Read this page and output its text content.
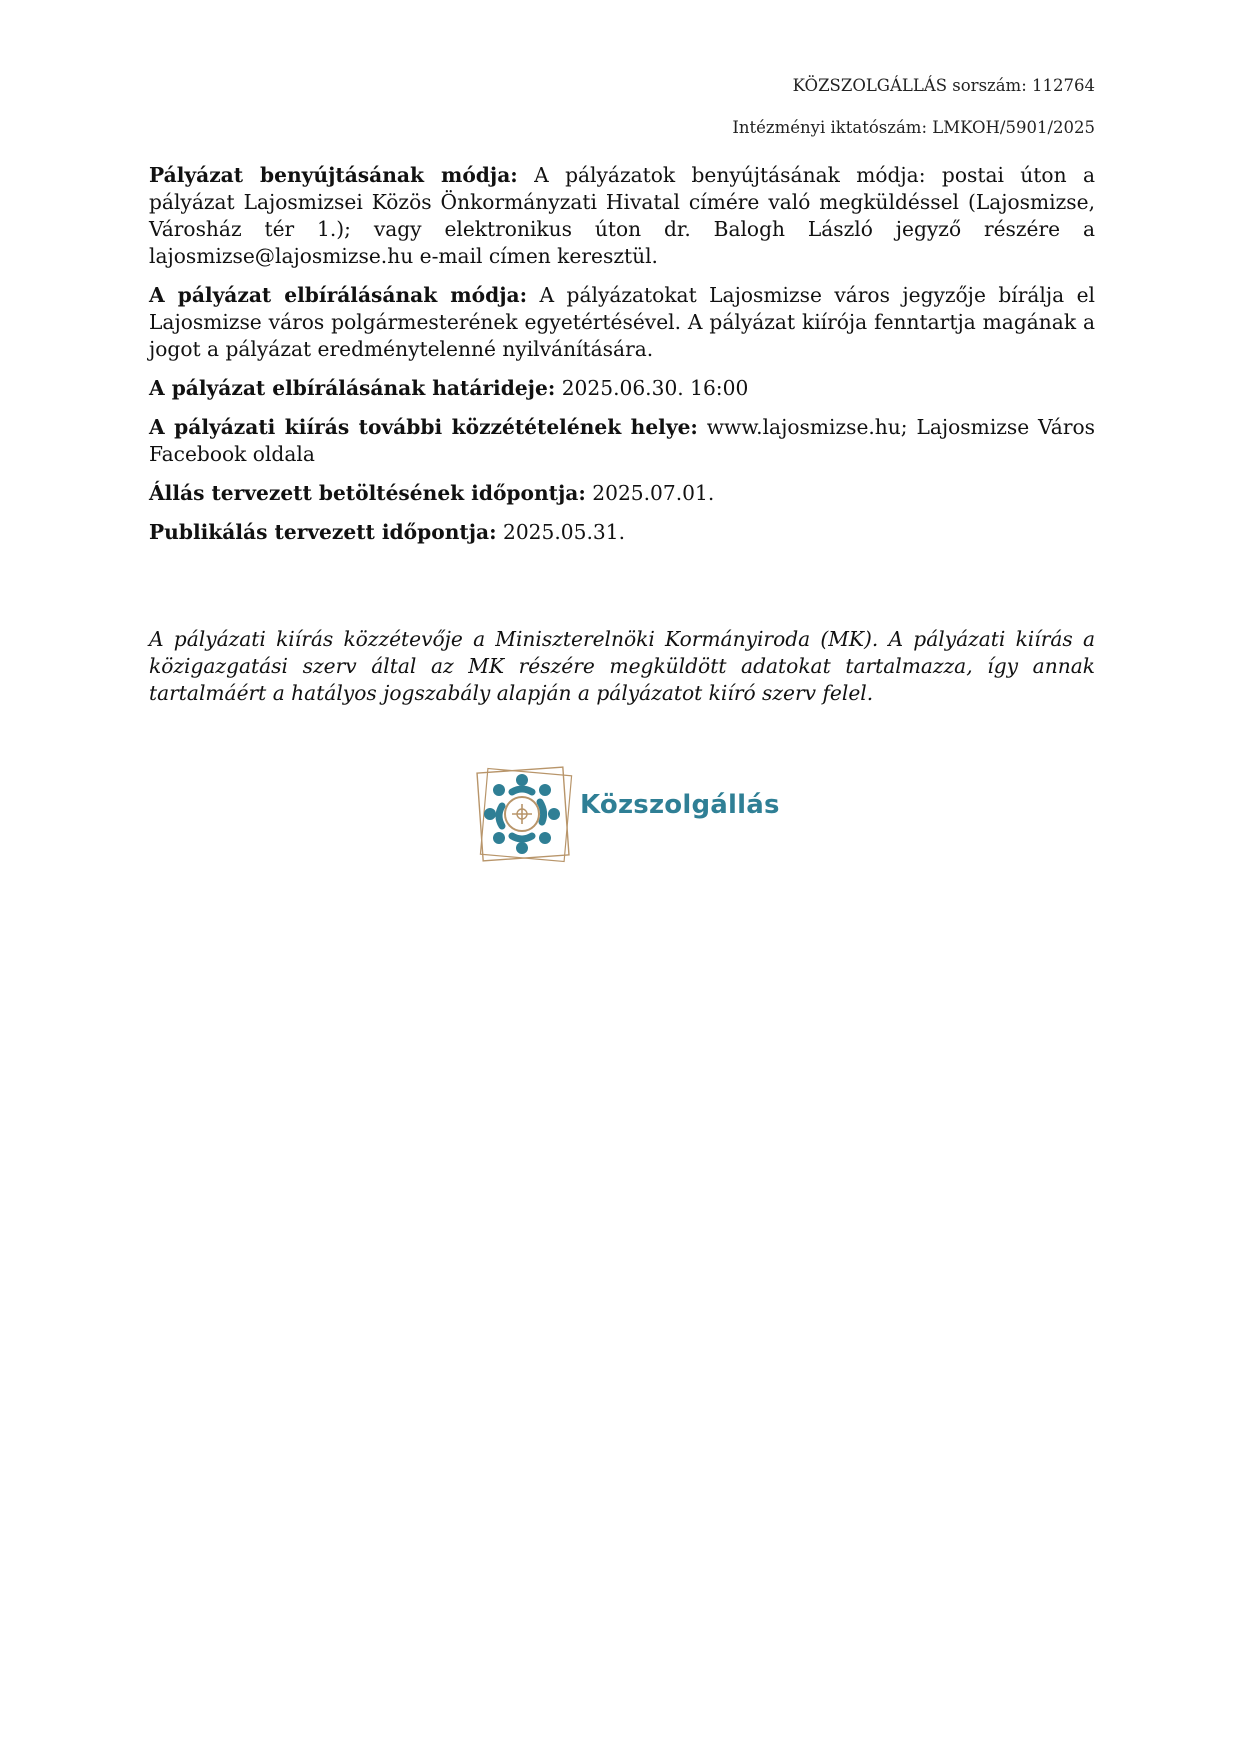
KÖZSZOLGÁLLÁS sorszám: 112764
Intézményi iktatószám: LMKOH/5901/2025

Pályázat benyújtásának módja: A pályázatok benyújtásának módja: postai úton a pályázat Lajosmizsei Közös Önkormányzati Hivatal címére való megküldéssel (Lajosmizse, Városház tér 1.); vagy elektronikus úton dr. Balogh László jegyző részére a lajosmizse@lajosmizse.hu e-mail címen keresztül.

A pályázat elbírálásának módja: A pályázatokat Lajosmizse város jegyzője bírálja el Lajosmizse város polgármesterének egyetértésével. A pályázat kiírója fenntartja magának a jogot a pályázat eredménytelenné nyilvánítására.

A pályázat elbírálásának határideje: 2025.06.30. 16:00

A pályázati kiírás további közzétételének helye: www.lajosmizse.hu; Lajosmizse Város Facebook oldala

Állás tervezett betöltésének időpontja: 2025.07.01.

Publikálás tervezett időpontja: 2025.05.31.

A pályázati kiírás közzétevője a Miniszterelnöki Kormányiroda (MK). A pályázati kiírás a közigazgatási szerv által az MK részére megküldött adatokat tartalmazza, így annak tartalmáért a hatályos jogszabály alapján a pályázatot kiíró szerv felel.
Közszolgállás
